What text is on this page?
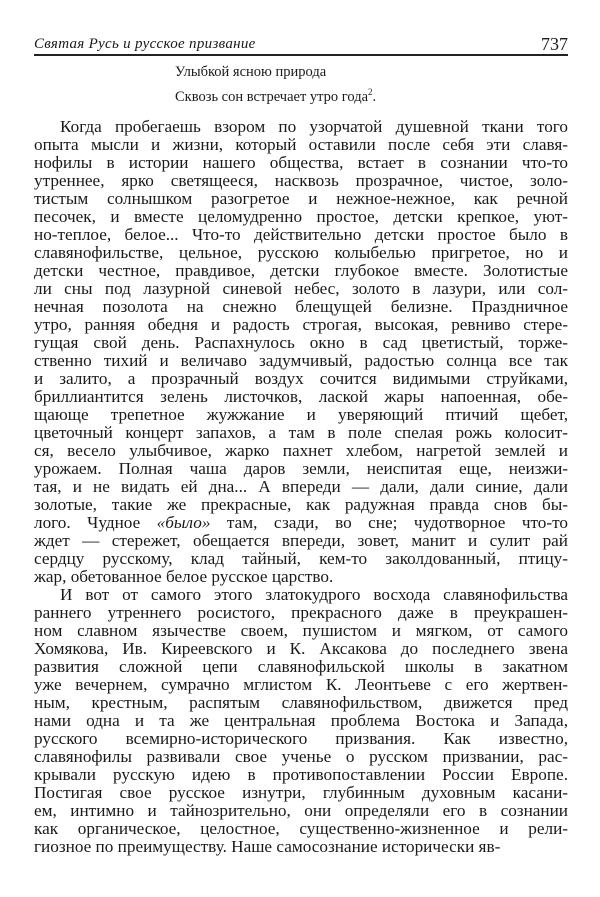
Святая Русь и русское призвание	737
Улыбкой ясною природа
Сквозь сон встречает утро года$^2$.
Когда пробегаешь взором по узорчатой душевной ткани того
опыта мысли и жизни, который оставили после себя эти славя-
нофилы в истории нашего общества, встает в сознании что-то
утреннее, ярко светящееся, насквозь прозрачное, чистое, золо-
тистым солнышком разогретое и нежное-нежное, как речной
песочек, и вместе целомудренно простое, детски крепкое, уют-
но-теплое, белое... Что-то действительно детски простое было в
славянофильстве, цельное, русскою колыбелью пригретое, но и
детски честное, правдивое, детски глубокое вместе. Золотистые
ли сны под лазурной синевой небес, золото в лазури, или сол-
нечная позолота на снежно блещущей белизне. Праздничное
утро, ранняя обедня и радость строгая, высокая, ревниво стере-
гущая свой день. Распахнулось окно в сад цветистый, торже-
ственно тихий и величаво задумчивый, радостью солнца все так
и залито, а прозрачный воздух сочится видимыми струйками,
бриллиантится зелень листочков, лаской жары напоенная, обе-
щающе трепетное жужжание и уверяющий птичий щебет,
цветочный концерт запахов, а там в поле спелая рожь колосит-
ся, весело улыбчивое, жарко пахнет хлебом, нагретой землей и
урожаем. Полная чаша даров земли, неиспитая еще, неизжи-
тая, и не видать ей дна... А впереди — дали, дали синие, дали
золотые, такие же прекрасные, как радужная правда снов бы-
лого. Чудное «было» там, сзади, во сне; чудотворное что-то
ждет — стережет, обещается впереди, зовет, манит и сулит рай
сердцу русскому, клад тайный, кем-то заколдованный, птицу-
жар, обетованное белое русское царство.
И вот от самого этого златокудрого восхода славянофильства
раннего утреннего росистого, прекрасного даже в преукрашен-
ном славном язычестве своем, пушистом и мягком, от самого
Хомякова, Ив. Киреевского и К. Аксакова до последнего звена
развития сложной цепи славянофильской школы в закатном
уже вечернем, сумрачно мглистом К. Леонтьеве с его жертвен-
ным, крестным, распятым славянофильством, движется пред
нами одна и та же центральная проблема Востока и Запада,
русского всемирно-исторического призвания. Как известно,
славянофилы развивали свое ученье о русском призвании, рас-
крывали русскую идею в противопоставлении России Европе.
Постигая свое русское изнутри, глубинным духовным касани-
ем, интимно и тайнозрительно, они определяли его в сознании
как органическое, целостное, существенно-жизненное и рели-
гиозное по преимуществу. Наше самосознание исторически яв-
